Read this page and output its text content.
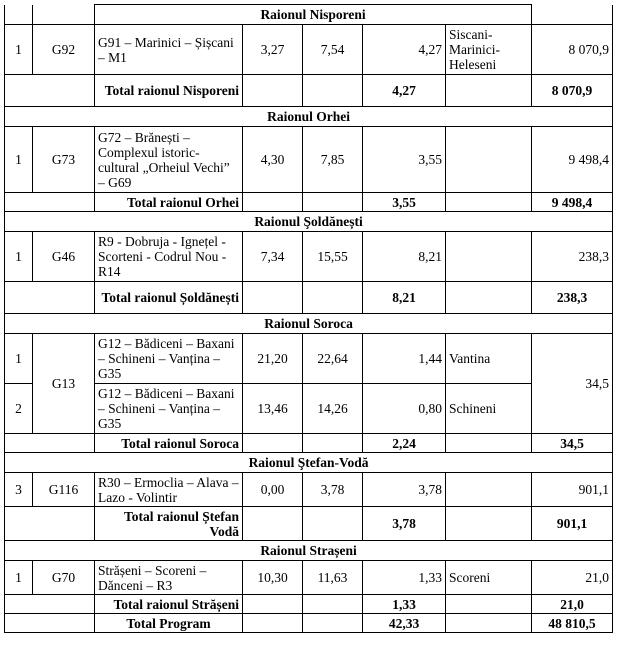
		Raionul Nisporeni					
1	G92	G91 – Marinici – Șișcani – M1	3,27	7,54	4,27	Siscani-Marinici-Heleseni	8 070,9
		Total raionul Nisporeni			4,27		8 070,9
Raionul Orhei							
1	G73	G72 – Brănești – Complexul istoric-cultural „Orheiul Vechi” – G69	4,30	7,85	3,55		9 498,4
		Total raionul Orhei			3,55		9 498,4
Raionul Şoldănești							
1	G46	R9 - Dobruja - Ignețel - Scorteni - Codrul Nou - R14	7,34	15,55	8,21		238,3
		Total raionul Șoldănești			8,21		238,3
Raionul Soroca							
1	G13	G12 – Bădiceni – Baxani – Schineni – Vanțina – G35	21,20	22,64	1,44	Vantina	34,5
2		G12 – Bădiceni – Baxani – Schineni – Vanțina – G35	13,46	14,26	0,80	Schineni	
		Total raionul Soroca			2,24		34,5
Raionul Ştefan-Vodă							
3	G116	R30 – Ermoclia – Alava – Lazo - Volintir	0,00	3,78	3,78		901,1
		Total raionul Ștefan Vodă			3,78		901,1
Raionul Strașeni							
1	G70	Strășeni – Scoreni – Dănceni – R3	10,30	11,63	1,33	Scoreni	21,0
		Total raionul Strășeni			1,33		21,0
		Total Program			42,33		48 810,5
